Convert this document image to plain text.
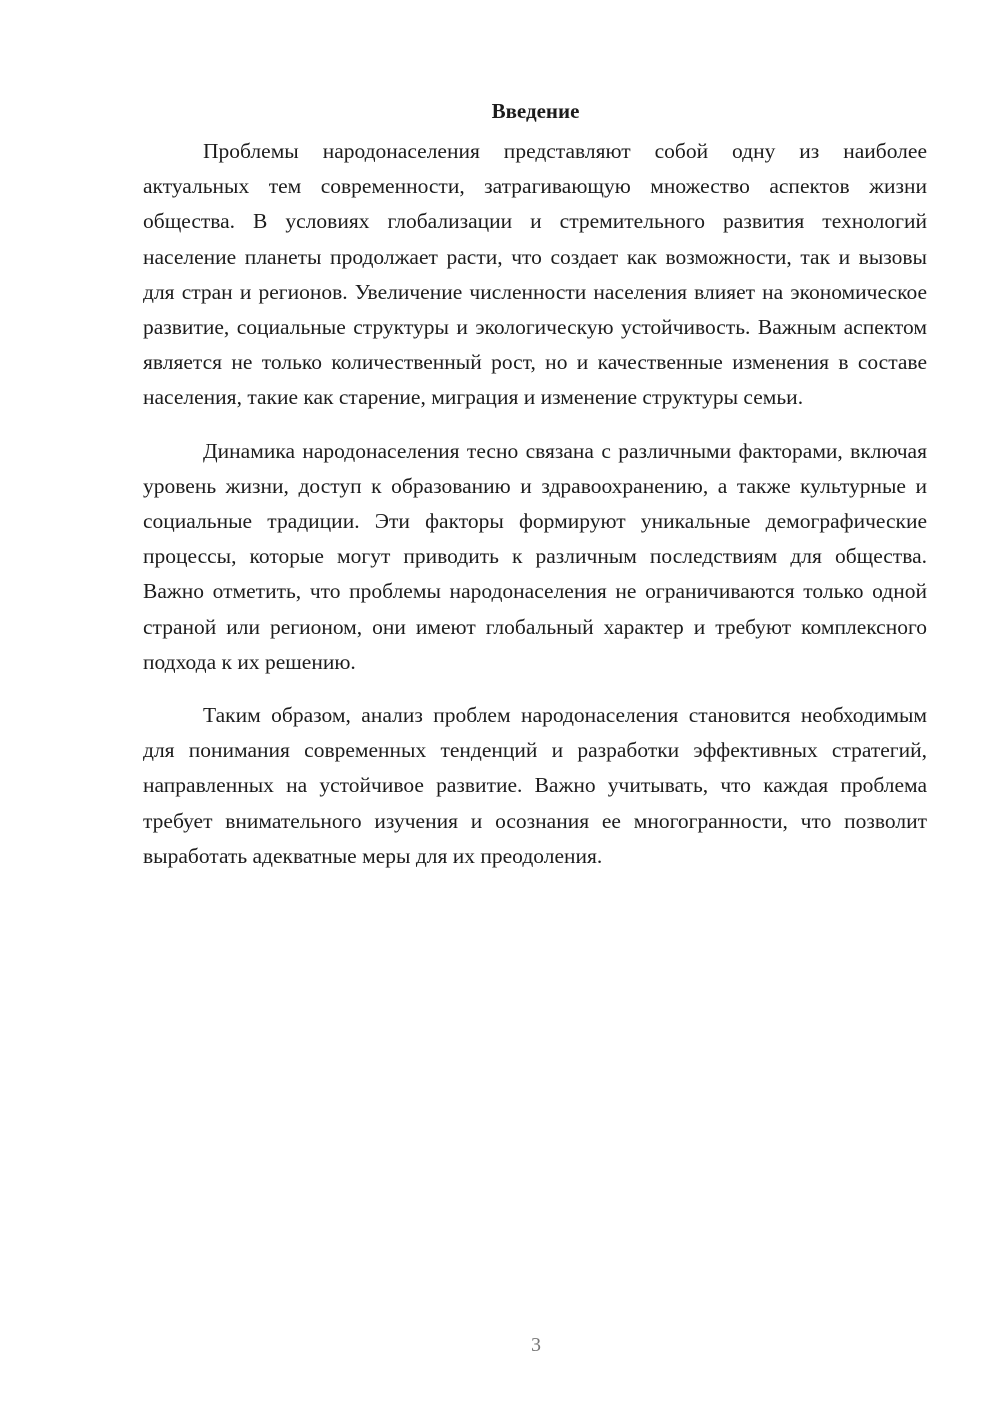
Введение

Проблемы народонаселения представляют собой одну из наиболее актуальных тем современности, затрагивающую множество аспектов жизни общества. В условиях глобализации и стремительного развития технологий население планеты продолжает расти, что создает как возможности, так и вызовы для стран и регионов. Увеличение численности населения влияет на экономическое развитие, социальные структуры и экологическую устойчивость. Важным аспектом является не только количественный рост, но и качественные изменения в составе населения, такие как старение, миграция и изменение структуры семьи.

Динамика народонаселения тесно связана с различными факторами, включая уровень жизни, доступ к образованию и здравоохранению, а также культурные и социальные традиции. Эти факторы формируют уникальные демографические процессы, которые могут приводить к различным последствиям для общества. Важно отметить, что проблемы народонаселения не ограничиваются только одной страной или регионом, они имеют глобальный характер и требуют комплексного подхода к их решению.

Таким образом, анализ проблем народонаселения становится необходимым для понимания современных тенденций и разработки эффективных стратегий, направленных на устойчивое развитие. Важно учитывать, что каждая проблема требует внимательного изучения и осознания ее многогранности, что позволит выработать адекватные меры для их преодоления.

3
